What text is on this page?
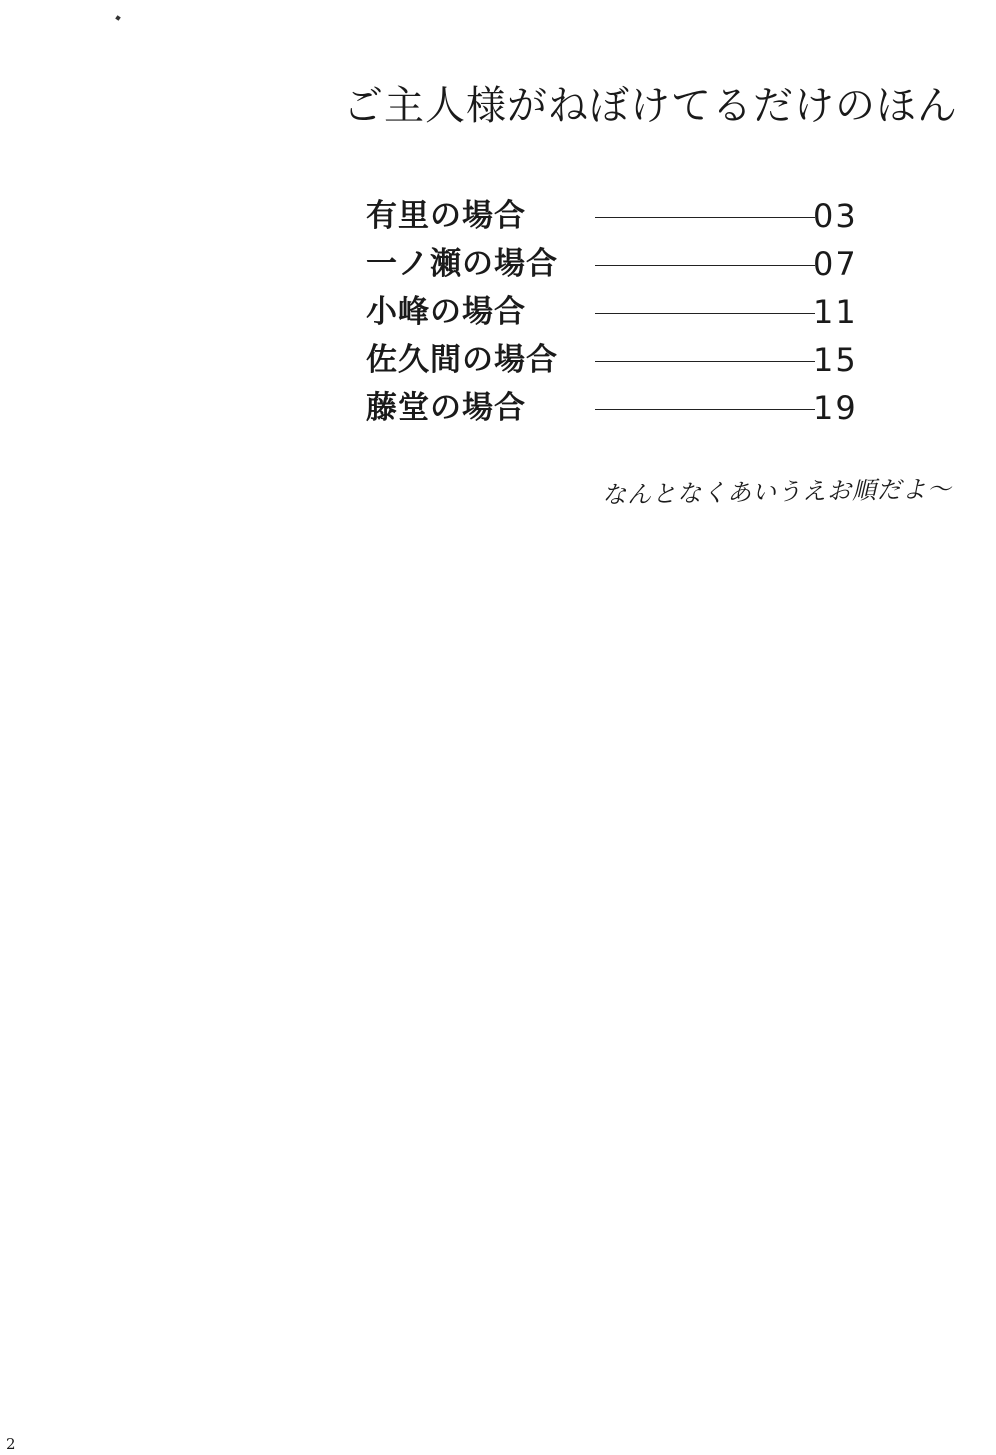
ご主人様がねぼけてるだけのほん
有里の場合	03
一ノ瀬の場合	07
小峰の場合	11
佐久間の場合	15
藤堂の場合	19
なんとなくあいうえお順だよ〜
2
